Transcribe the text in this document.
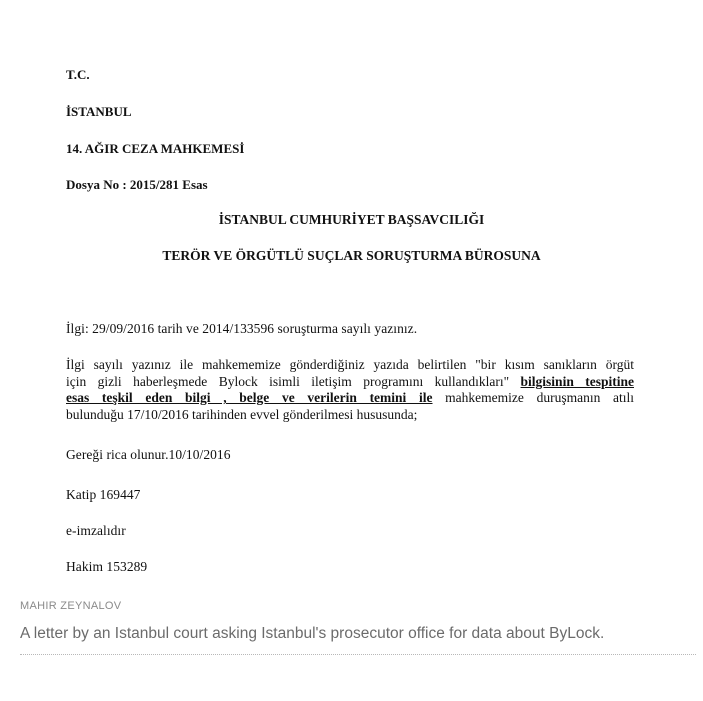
T.C.
İSTANBUL
14. AĞIR CEZA MAHKEMESİ
Dosya No : 2015/281 Esas
İSTANBUL CUMHURİYET BAŞSAVCILIĞI
TERÖR VE ÖRGÜTLÜ SUÇLAR SORUŞTURMA BÜROSUNA
İlgi: 29/09/2016 tarih ve 2014/133596 soruşturma sayılı yazınız.
İlgi sayılı yazınız ile mahkememize gönderdiğiniz yazıda belirtilen "bir kısım sanıkların örgüt
için gizli haberleşmede Bylock isimli iletişim programını kullandıkları" bilgisinin tespitine
esas teşkil eden bilgi , belge ve verilerin temini ile mahkememize duruşmanın atılı
bulunduğu 17/10/2016 tarihinden evvel gönderilmesi hususunda;
Gereği rica olunur.10/10/2016
Katip 169447
e-imzalıdır
Hakim 153289

MAHIR ZEYNALOV

A letter by an Istanbul court asking Istanbul's prosecutor office for data about ByLock.
